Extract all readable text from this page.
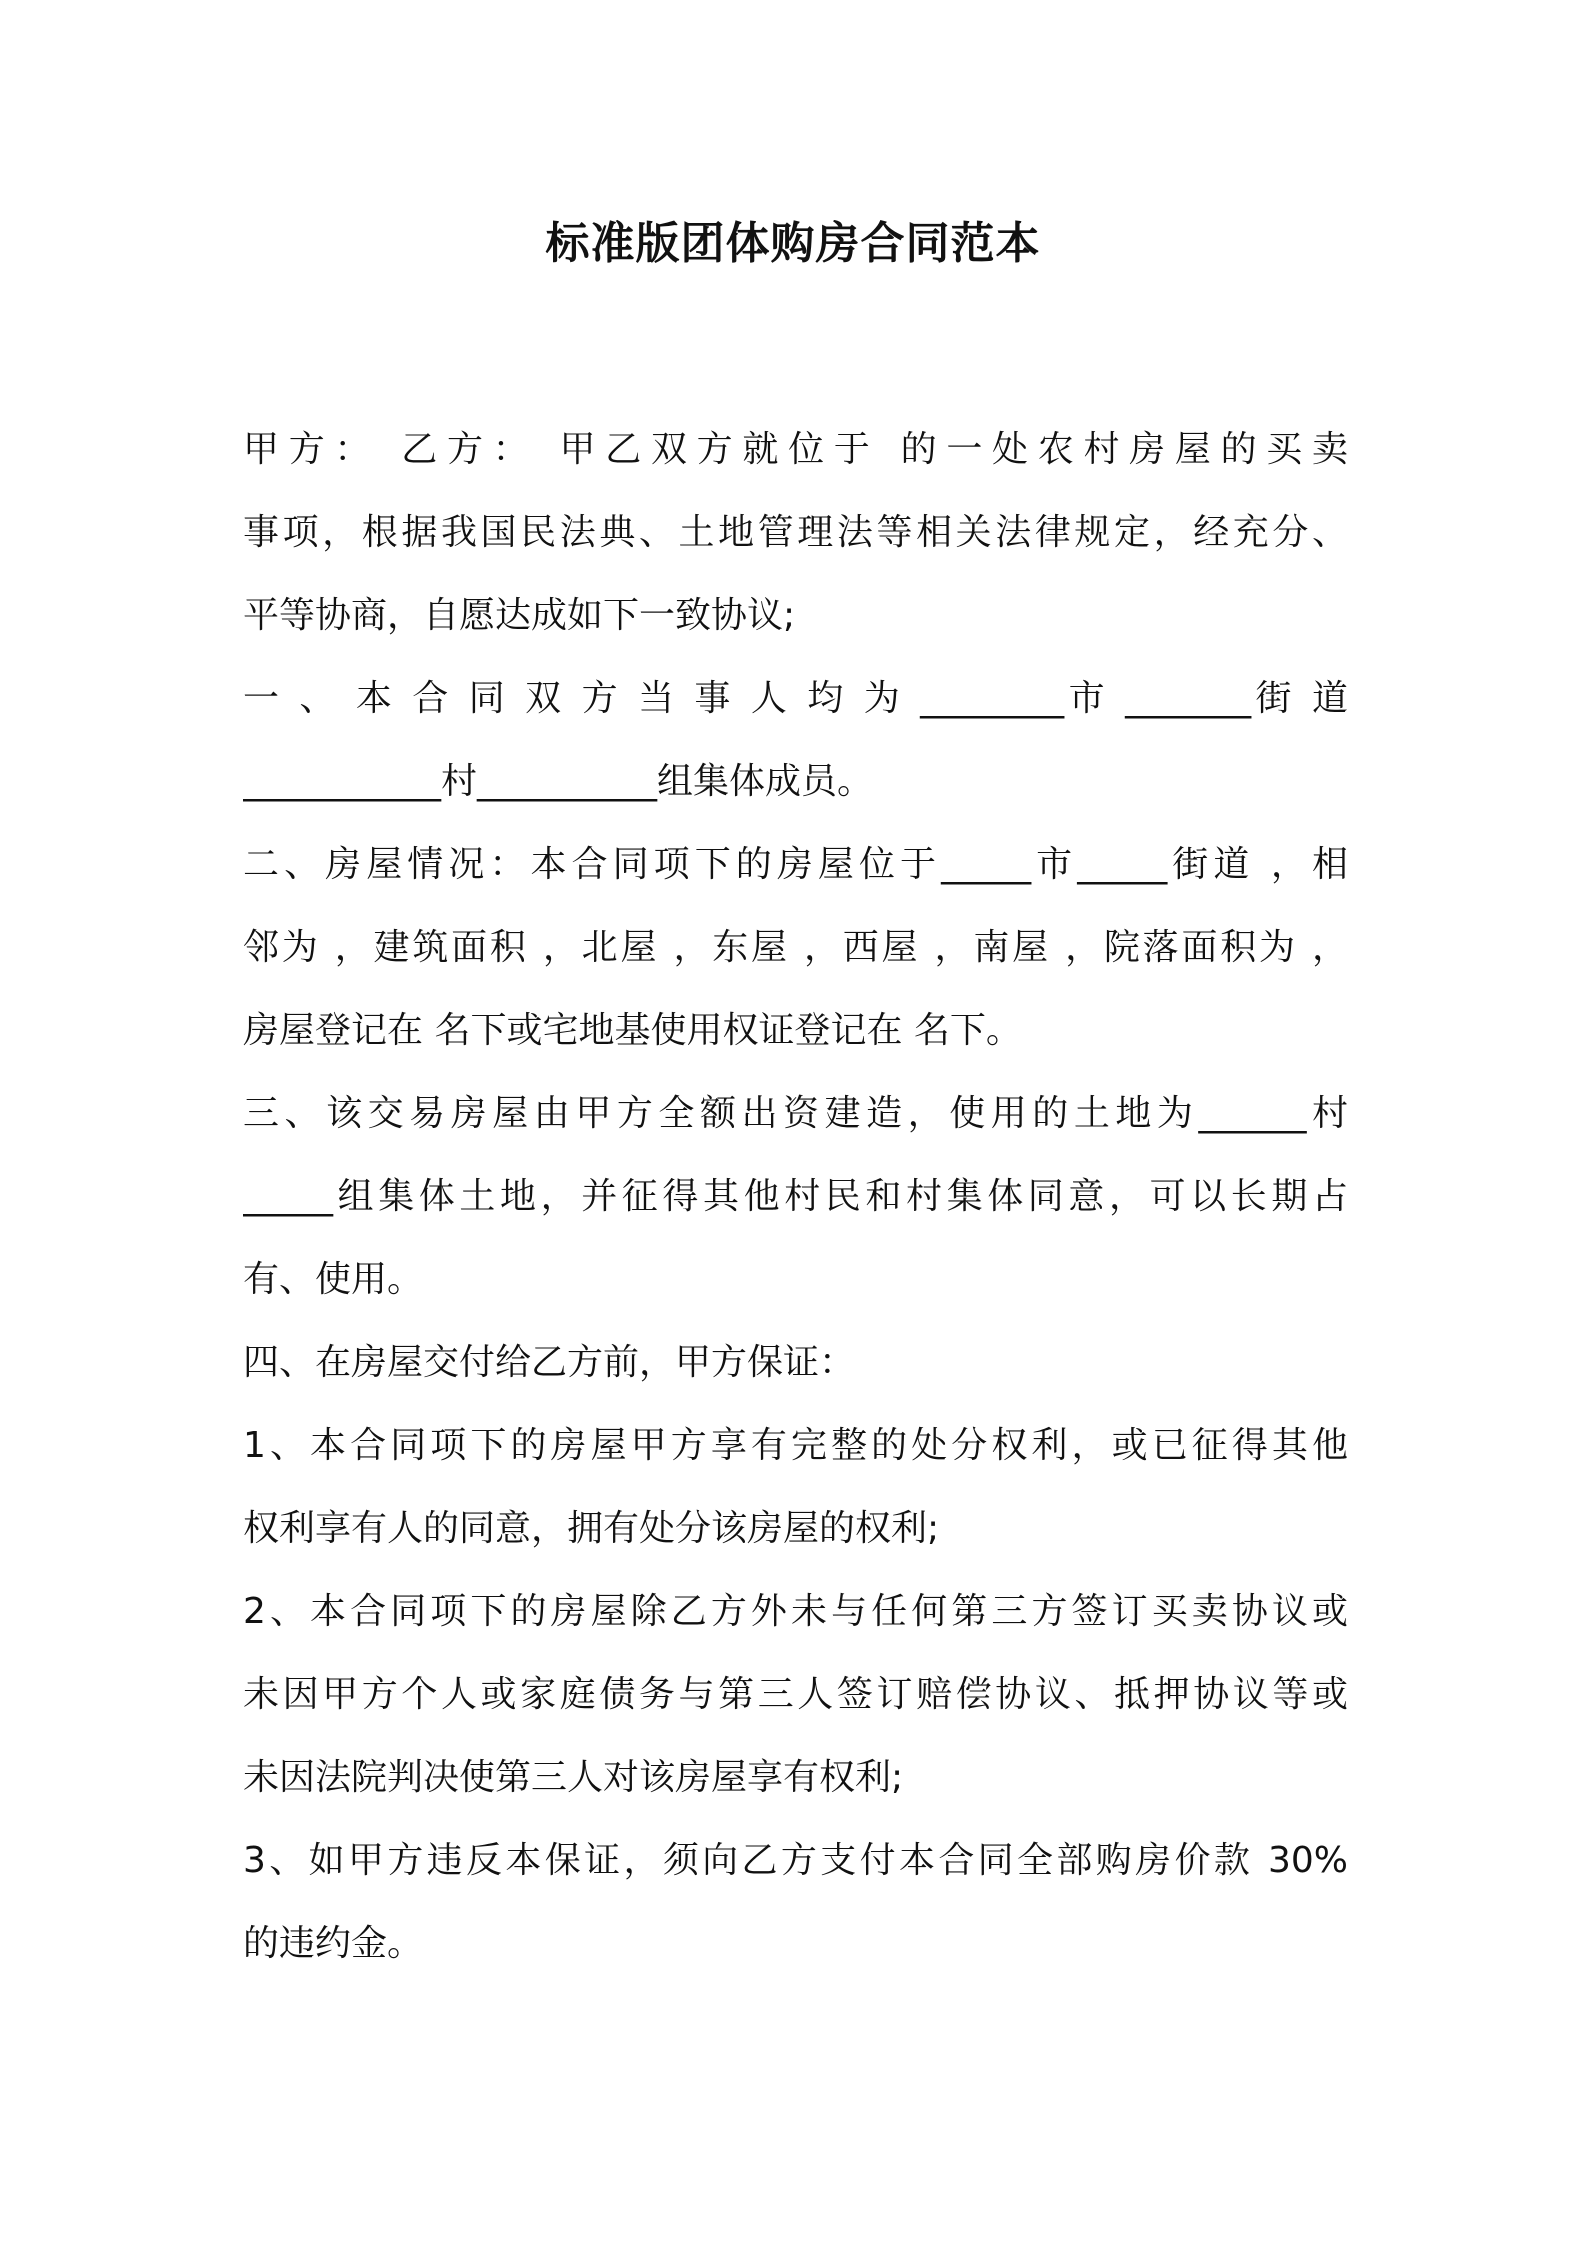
标准版团体购房合同范本
甲方： 乙方： 甲乙双方就位于 的一处农村房屋的买卖
事项，根据我国民法典、土地管理法等相关法律规定，经充分、
平等协商，自愿达成如下一致协议;
一 、 本 合 同 双 方 当 事 人 均 为 ________市 _______街 道
___________村__________组集体成员。
二、房屋情况：本合同项下的房屋位于_____市_____街道 ，相
邻为 ，建筑面积 ，北屋 ，东屋 ，西屋 ，南屋 ，院落面积为 ，
房屋登记在 名下或宅地基使用权证登记在 名下。
三、该交易房屋由甲方全额出资建造，使用的土地为______村
_____组集体土地，并征得其他村民和村集体同意，可以长期占
有、使用。
四、在房屋交付给乙方前，甲方保证：
1、本合同项下的房屋甲方享有完整的处分权利，或已征得其他
权利享有人的同意，拥有处分该房屋的权利;
2、本合同项下的房屋除乙方外未与任何第三方签订买卖协议或
未因甲方个人或家庭债务与第三人签订赔偿协议、抵押协议等或
未因法院判决使第三人对该房屋享有权利;
3、如甲方违反本保证，须向乙方支付本合同全部购房价款 30%
的违约金。
